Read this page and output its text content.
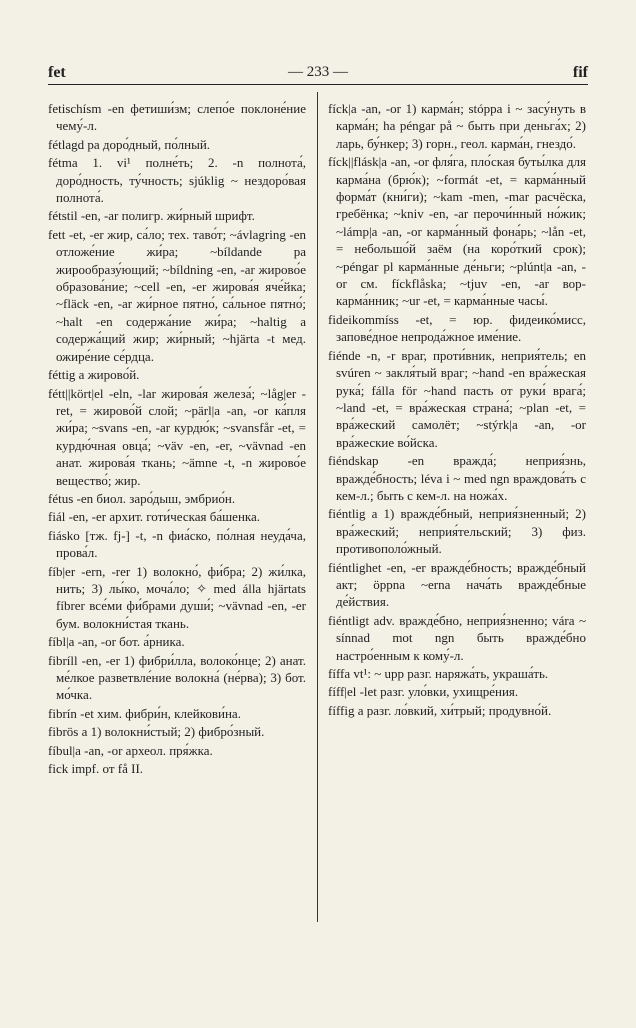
fet	— 233 —	fif
fetischísm -en фетиши́зм; слепо́е поклоне́ние чему́-л.
fétlagd pa доро́дный, по́лный.
fétma 1. vi¹ полне́ть; 2. -n полнота́, доро́дность, ту́чность; sjúklig ~ нездоро́вая полнота́.
fétstil -en, -ar полигр. жи́рный шрифт.
fett -et, -er жир, са́ло; тех. таво́т; ~ávlagring -en отложе́ние жи́ра; ~bíldande pa жирообразу́ющий; ~bíldning -en, -ar жирово́е образова́ние; ~cell -en, -er жирова́я яче́йка; ~fläck -en, -ar жи́рное пятно́, са́льное пятно́; ~halt -en содержа́ние жи́ра; ~haltig a содержа́щий жир; жи́рный; ~hjärta -t мед. ожире́ние се́рдца.
féttig a жирово́й.
fétt||kört|el -eln, -lar жирова́я железа́; ~låg|er -ret, = жирово́й слой; ~pärl|a -an, -or ка́пля жи́ра; ~svans -en, -ar курдю́к; ~svansfår -et, = курдю́чная овца́; ~väv -en, -er, ~vävnad -en анат. жирова́я ткань; ~ämne -t, -n жирово́е вещество́; жир.
fétus -en биол. заро́дыш, эмбрио́н.
fiál -en, -er архит. готи́ческая ба́шенка.
fiásko [тж. fj-] -t, -n фиа́ско, по́лная неуда́ча, прова́л.
fíb|er -ern, -rer 1) волокно́, фи́бра; 2) жи́лка, нить; 3) лы́ко, моча́ло; ✧ med álla hjärtats fíbrer все́ми фи́брами души́; ~vävnad -en, -er бум. волокни́стая ткань.
fíbl|a -an, -or бот. а́рника.
fibríll -en, -er 1) фибри́лла, волоко́нце; 2) анат. ме́лкое разветвле́ние волокна́ (не́рва); 3) бот. мо́чка.
fibrín -et хим. фибри́н, клейкови́на.
fibrös a 1) волокни́стый; 2) фибро́зный.
fíbul|a -an, -or археол. пря́жка.
fick impf. от få II.
fíck|a -an, -or 1) карма́н; stóppa i ~ засу́нуть в карма́н; ha péngar på ~ быть при деньга́х; 2) ларь, бу́нкер; 3) горн., геол. карма́н, гнездо́.
fíck||flásk|a -an, -or фля́га, пло́ская буты́лка для карма́на (брю́к); ~formát -et, = карма́нный форма́т (кни́ги); ~kam -men, -mar расчёска, гребёнка; ~kniv -en, -ar перочи́нный но́жик; ~lámp|a -an, -or карма́нный фона́рь; ~lån -et, = небольшо́й заём (на коро́ткий срок); ~péngar pl карма́нные де́ньги; ~plúnt|a -an, -or см. fíckflåska; ~tjuv -en, -ar вор-карма́нник; ~ur -et, = карма́нные часы́.
fideikommíss -et, = юр. фидеико́мисс, запове́дное непрода́жное име́ние.
fiénde -n, -r враг, проти́вник, неприя́тель; en svúren ~ закля́тый враг; ~hand -en вра́жеская рука́; fálla för ~hand пасть от руки́ врага́; ~land -et, = вра́жеская страна́; ~plan -et, = вра́жеский самолёт; ~stýrk|a -an, -or вра́жеские во́йска.
fiéndskap -en вражда́; неприя́знь, вражде́бность; léva i ~ med ngn враждова́ть с кем-л.; быть с кем-л. на нoжа́х.
fiéntlig a 1) вражде́бный, неприя́зненный; 2) вра́жеский; неприя́тельский; 3) физ. противополо́жный.
fiéntlighet -en, -er вражде́бность; вражде́бный акт; öppna ~erna нача́ть вражде́бные де́йствия.
fiéntligt adv. вражде́бно, неприя́зненно; vára ~ sínnad mot ngn быть вражде́бно настро́енным к кому́-л.
fíffa vt¹: ~ upp разг. наряжа́ть, украша́ть.
fíff|el -let разг. уло́вки, ухищре́ния.
fíffig a разг. ло́вкий, хи́трый; продувно́й.
